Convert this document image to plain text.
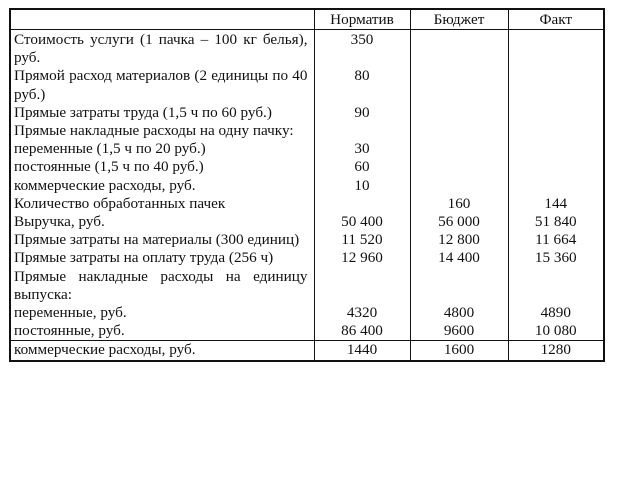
	Норматив	Бюджет	Факт
Стоимость услуги (1 пачка – 100 кг белья), руб.	350		
Прямой расход материалов (2 единицы по 40 руб.)	80		
Прямые затраты труда (1,5 ч по 60 руб.)	90		
Прямые накладные расходы на одну пачку:			
переменные (1,5 ч по 20 руб.)	30		
постоянные (1,5 ч по 40 руб.)	60		
коммерческие расходы, руб.	10		
Количество обработанных пачек		160	144
Выручка, руб.	50 400	56 000	51 840
Прямые затраты на материалы (300 единиц)	11 520	12 800	11 664
Прямые затраты на оплату труда (256 ч)	12 960	14 400	15 360
Прямые накладные расходы на единицу выпуска:			
переменные, руб.	4320	4800	4890
постоянные, руб.	86 400	9600	10 080
коммерческие расходы, руб.	1440	1600	1280
